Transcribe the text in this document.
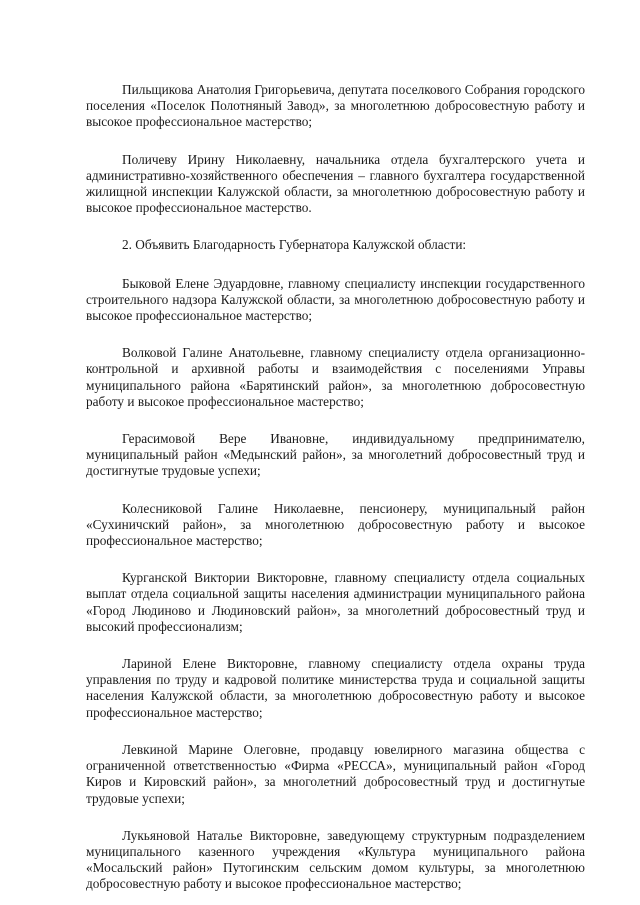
Пильщикова Анатолия Григорьевича, депутата поселкового Собрания городского поселения «Поселок Полотняный Завод», за многолетнюю добросовестную работу и высокое профессиональное мастерство;

Поличеву Ирину Николаевну, начальника отдела бухгалтерского учета и административно-хозяйственного обеспечения – главного бухгалтера государственной жилищной инспекции Калужской области, за многолетнюю добросовестную работу и высокое профессиональное мастерство.

2. Объявить Благодарность Губернатора Калужской области:

Быковой Елене Эдуардовне, главному специалисту инспекции государственного строительного надзора Калужской области, за многолетнюю добросовестную работу и высокое профессиональное мастерство;

Волковой Галине Анатольевне, главному специалисту отдела организационно-контрольной и архивной работы и взаимодействия с поселениями Управы муниципального района «Барятинский район», за многолетнюю добросовестную работу и высокое профессиональное мастерство;

Герасимовой Вере Ивановне, индивидуальному предпринимателю, муниципальный район «Медынский район», за многолетний добросовестный труд и достигнутые трудовые успехи;

Колесниковой Галине Николаевне, пенсионеру, муниципальный район «Сухиничский район», за многолетнюю добросовестную работу и высокое профессиональное мастерство;

Курганской Виктории Викторовне, главному специалисту отдела социальных выплат отдела социальной защиты населения администрации муниципального района «Город Людиново и Людиновский район», за многолетний добросовестный труд и высокий профессионализм;

Лариной Елене Викторовне, главному специалисту отдела охраны труда управления по труду и кадровой политике министерства труда и социальной защиты населения Калужской области, за многолетнюю добросовестную работу и высокое профессиональное мастерство;

Левкиной Марине Олеговне, продавцу ювелирного магазина общества с ограниченной ответственностью «Фирма «РЕССА», муниципальный район «Город Киров и Кировский район», за многолетний добросовестный труд и достигнутые трудовые успехи;

Лукьяновой Наталье Викторовне, заведующему структурным подразделением муниципального казенного учреждения «Культура муниципального района «Мосальский район» Путогинским сельским домом культуры, за многолетнюю добросовестную работу и высокое профессиональное мастерство;
